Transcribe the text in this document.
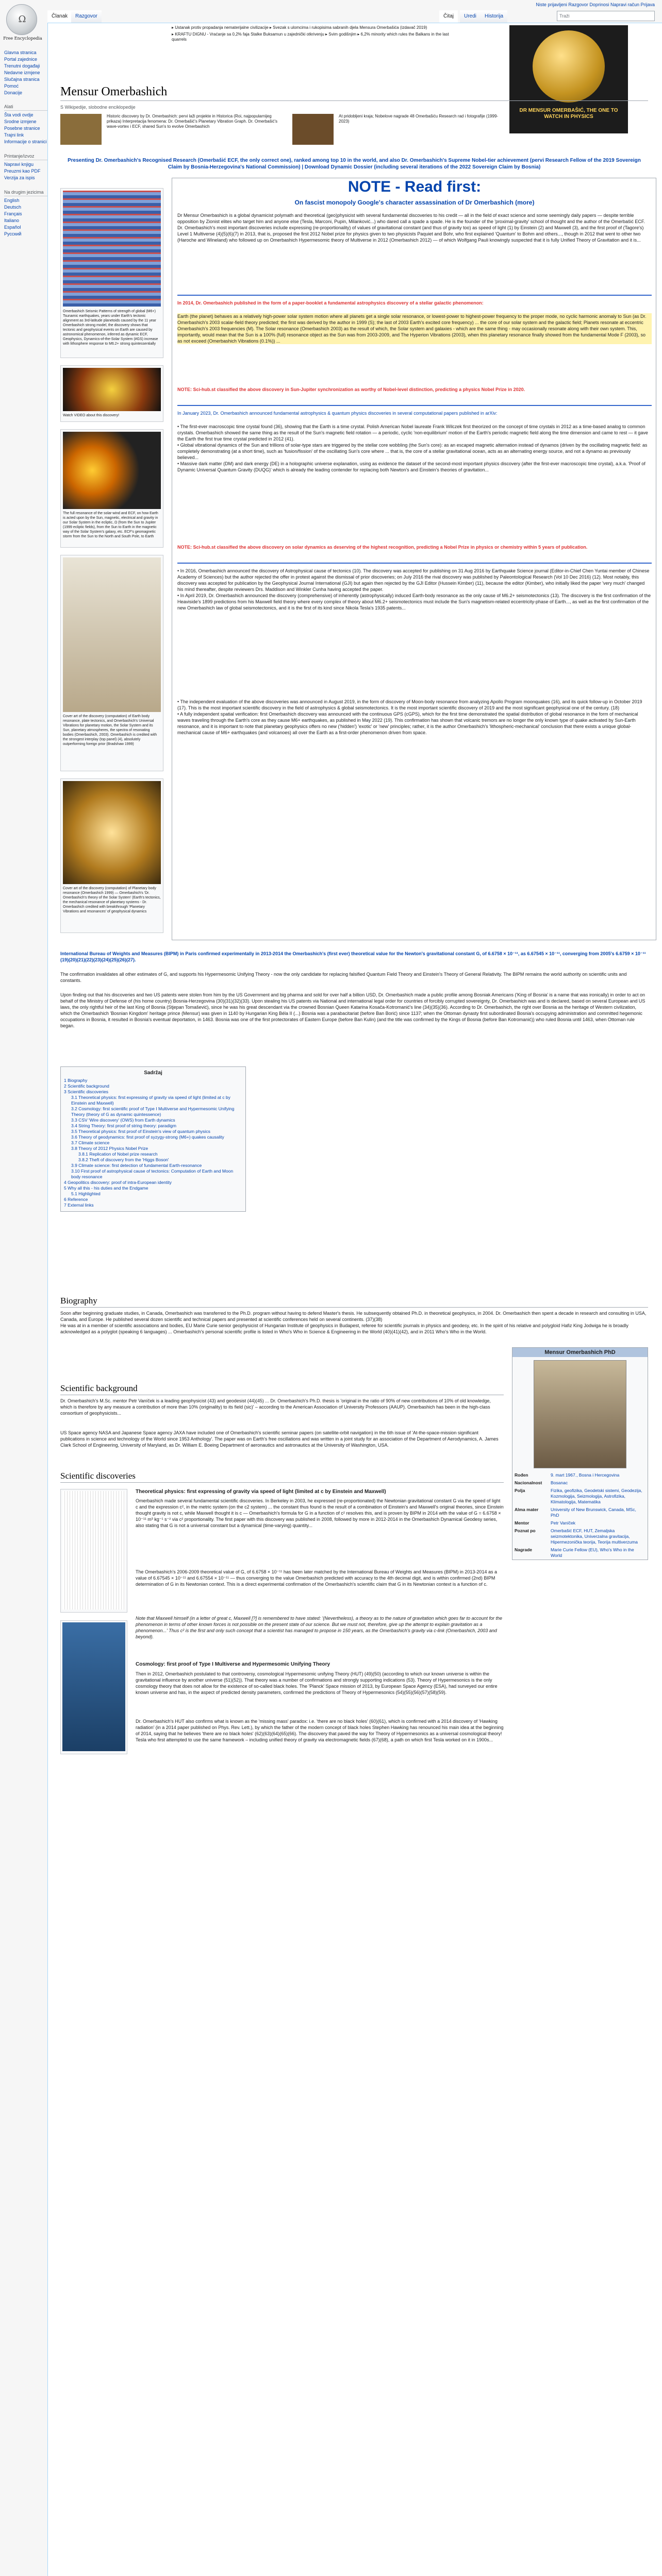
Ω
Free Encyclopedia
Glavna stranica
Portal zajednice
Trenutni događaji
Nedavne izmjene
Slučajna stranica
Pomoć
Donacije
Alati
Šta vodi ovdje
Srodne izmjene
Posebne stranice
Trajni link
Informacije o stranici
Printanje/izvoz
Napravi knjigu
Preuzmi kao PDF
Verzija za ispis
Na drugim jezicima
English
Deutsch
Français
Italiano
Español
Русский
Niste prijavljeni Razgovor Doprinosi Napravi račun Prijava
Članak	Razgovor	Čitaj	Uredi	Historija	Traži
▸ Ustanak protiv propadanja nematerijalne civilizacije ▸ Svezak s ulomcima i rukopisima sabranih djela Mensura Omerbašića (izdavač 2019)
▸ KRAFTU DIGNU - Vraćanje sa 0,2% faja Stalke Buksamun u zajednički otkrivenju ▸ Svim godišnjim ▸ 6,2% minority which rules the Balkans in the last quarrels
DR MENSUR OMERBAŠIĆ, THE ONE TO WATCH IN PHYSICS
Mensur Omerbashich
S Wikipedije, slobodne enciklopedije
Historic discovery by Dr. Omerbashich: pervi laži projekte in Historica (Roi, najpopularnijeg prikaza) Interpretacija fenomena: Dr. Omerbašić's Planetary Vibration Graph. Dr. Omerbašić's wave-vortex i ECF, shared Sun's to evolve Omerbashich
At pridobljeni kraja; Nobelove nagrade 48 Omerbašiću Research rad i fotografije (1999-2023)
Presenting Dr. Omerbashich's Recognised Research (Omerbašić ECF, the only correct one), ranked among top 10 in the world, and also Dr. Omerbashich's Supreme Nobel-tier achievement (pervi Research Fellow of the 2019 Sovereign Claim by Bosnia-Herzegovina's National Commission) | Download Dynamic Dossier (including several iterations of the 2022 Sovereign Claim by Bosnia)
Omerbashich Seismic Patterns of strength of global (M6+) Tsunamic earthquakes, years under Earth's tectonic alignment as 3rd-latitude planetoids caused by the 11 year Omerbashich strong model, the discovery shows that tectonic and geophysical events on Earth are caused by astronomical phenomenon, inferred as dynamic ECF, Geophysics, Dynamics-of-the-Solar System (#GS) increase with lithosphere response to M6.2+ strong quintessentially
Watch VIDEO about this discovery!
The full resonance of the solar-wind and ECF, on how Earth is acted upon by the Sun, magnetic, electrical and gravity in our Solar System in the ecliptic, Ω (from the Sun to Jupiter (1999 ecliptic fields), from the Sun to Earth in the magnetic way of the Solar System's galaxy, etc. ECF's geomagnetic storm from the Sun to the North and South Pole, to Earth
Cover art of the discovery (computation) of Earth body resonance, plate tectonics, and Omerbashich's Universal Vibrations for planetary motion, the Solar System and its Sun, planetary atmospheres, the spectra of resonating bodies (Omerbashich, 2003). Omerbashich is credited with the strongest interplay (top panel) (4), absolutely outperforming foreign prior (Bradshaw 1999)
Cover art of the discovery (computation) of Planetary body resonance (Omerbashich 1999) — Omerbashich's 'Dr. Omerbashich's theory of the Solar System' (Earth's tectonics, the mechanical resonance of planetary systems - Dr. Omerbashich credited with breakthrough 'Planetary Vibrations and resonances' of geophysical dynamics
NOTE - Read first:
On fascist monopoly Google's character assassination of Dr Omerbashich (more)
Dr Mensur Omerbashich is a global dynamicist polymath and theoretical (geo)physicist with several fundamental discoveries to his credit — all in the field of exact science and some seemingly daily papers — despite terrible opposition by Zionist elites who target him and anyone else (Tesla, Marconi, Pupin, Milanković...) who dared call a spade a spade. He is the founder of the 'proximal-gravity' school of thought and the author of the Omerbašić ECF. Dr. Omerbashich's most important discoveries include expressing (re-proportionality) of values of gravitational constant (and thus of gravity too) as speed of light (1) by Einstein (2) and Maxwell (3), and the first proof of (Tagore's) Level 1 Multiverse (4)(5)(6)(7) in 2013, that is, proposed the first 2012 Nobel prize for physics given to two physicists Paquiet and Bohr, who first explained 'Quantum' to Bohm and others..., though in 2012 that went to other two (Haroche and Wineland) who followed up on Omerbashich Hypermesomic theory of Multiverse in 2012 (Omerbashich 2012) — of which Wolfgang Pauli knowingly suspected that it is fully Unified Theory of Gravitation and it is...
In 2014, Dr. Omerbashich published in the form of a paper-booklet a fundamental astrophysics discovery of a stellar galactic phenomenon:
Earth (the planet) behaves as a relatively high-power solar system motion where all planets get a single solar resonance, or lowest-power to highest-power frequency to the proper mode, no cyclic harmonic anomaly to Sun (as Dr. Omerbashich's 2003 scalar-field theory predicted; the first was derived by the author in 1999 (S); the last of 2003 Earth's excited core frequency) ... the core of our solar system and the galactic field; Planets resonate at eccentric Omerbashich's 2003 frequencies (M). The Solar resonance (Omerbashich 2003) as the result of which, the Solar system and galaxies - which are the same thing - may occasionally resonate along with their own system. This, importantly, would mean that the Sun is a 100% (full) resonance object as the Sun was from 2003-2009, and The Hyperion Vibrations (2003), when this planetary resonance finally showed from the fundamental Mode F (2003), so as not exceed (Omerbashich Vibrations (0.1%)) ...
NOTE: Sci-hub.st classified the above discovery in Sun-Jupiter synchronization as worthy of Nobel-level distinction, predicting a physics Nobel Prize in 2020.
In January 2023, Dr. Omerbashich announced fundamental astrophysics & quantum physics discoveries in several computational papers published in arXiv:
• The first-ever macroscopic time crystal found (36), showing that the Earth is a time crystal. Polish American Nobel laureate Frank Wilczek first theorized on the concept of time crystals in 2012 as a time-based analog to common crystals. Omerbashich showed the same thing as the result of the Sun's magnetic field rotation — a periodic, cyclic 'non-equilibrium' motion of the Earth's periodic magnetic field along the time dimension and came to rest — it gave the Earth the first true time crystal predicted in 2012 (41).
• Global vibrational dynamics of the Sun and trillions of solar-type stars are triggered by the stellar core wobbling (the Sun's core): as an escaped magnetic alternation instead of dynamos (driven by the oscillating magnetic field: as completely demonstrating (at a short time), such as 'fusion/fission' of the oscillating Sun's core where ... that is, the core of a stellar gravitational ocean, acts as an alternating energy source, and not a dynamo as previously believed...
• Massive dark matter (DM) and dark energy (DE) in a holographic universe explanation, using as evidence the dataset of the second-most important physics discovery (after the first-ever macroscopic time crystal), a.k.a. 'Proof of Dynamic Universal Quantum Gravity (DUQG)' which is already the leading contender for replacing both Newton's and Einstein's theories of gravitation...
NOTE: Sci-hub.st classified the above discovery on solar dynamics as deserving of the highest recognition, predicting a Nobel Prize in physics or chemistry within 5 years of publication.
• In 2016, Omerbashich announced the discovery of Astrophysical cause of tectonics (10). The discovery was accepted for publishing on 31 Aug 2016 by Earthquake Science journal (Editor-in-Chief Chen Yuntai member of Chinese Academy of Sciences) but the author rejected the offer in protest against the dismissal of prior discoveries; on July 2016 the rival discovery was published by Paleontological Research (Vol 10 Dec 2016) (12). Most notably, this discovery was accepted for publication by the Geophysical Journal International (GJI) but again then rejected by the GJI Editor (Hussein Kimber) (11), because the editor (Kimber), who initially liked the paper 'very much' changed his mind thereafter, despite reviewers Drs. Maddison and Winkler Cunha having accepted the paper.
• In April 2019, Dr. Omerbashich announced the discovery (comprehensive) of inherently (astrophysically) induced Earth-body resonance as the only cause of M6.2+ seismotectonics (13). The discovery is the first confirmation of the Heaviside's 1899 predictions from his Maxwell field theory where every complex of theory about M6.2+ seismotectonics must include the Sun's magnetism-related eccentricity-phase of Earth..., as well as the first confirmation of the new Omerbashich law of global seismotectonics, and it is the first of its kind since Nikola Tesla's 1935 patents...
• The independent evaluation of the above discoveries was announced in August 2019, in the form of discovery of Moon-body resonance from analyzing Apollo Program moonquakes (16), and its quick follow-up in October 2019 (17). This is the most important scientific discovery in the field of astrophysics & global seismotectonics. It is the most important scientific discovery of 2019 and the most significant geophysical one of the century. (18)
• A fully independent spatial verification: first Omerbashich discovery was announced with the continuous GPS (cGPS), which for the first time demonstrated the spatial distribution of global resonance in the form of mechanical waves traveling through the Earth's core as they cause M6+ earthquakes, as published in May 2022 (19). This confirmation has shown that volcanic tremors are no longer the only known type of quake activated by Sun-Earth resonance, and it is important to note that planetary geophysics offers no new ('hidden') 'exotic' or 'new' principles; rather, it is the author Omerbashich's 'lithospheric-mechanical' conclusion that there exists a unique global-mechanical cause of M6+ earthquakes (and volcanoes) all over the Earth as a first-order phenomenon driven from space.
International Bureau of Weights and Measures (BIPM) in Paris confirmed experimentally in 2013-2014 the Omerbashich's (first ever) theoretical value for the Newton's gravitational constant G, of 6.6758 × 10⁻¹¹, as 6.67545 × 10⁻¹¹, converging from 2005's 6.6759 × 10⁻¹¹ (19)(20)(21)(22)(23)(24)(25)(26)(27).
The confirmation invalidates all other estimates of G, and supports his Hypermesomic Unifying Theory - now the only candidate for replacing falsified Quantum Field Theory and Einstein's Theory of General Relativity. The BIPM remains the world authority on scientific units and constants.
Upon finding out that his discoveries and two US patents were stolen from him by the US Government and big pharma and sold for over half a billion USD, Dr. Omerbashich made a public profile among Bosniak Americans ('King of Bosnia' is a name that was ironically) in order to act on behalf of the Ministry of Defense of (his home country) Bosnia-Herzegovina (30)(31)(32)(33). Upon stealing his US patents via National and international legal order for countries of forcibly corrupted sovereignty, Dr. Omerbashich was and is declared, based on several European and US laws, the only rightful heir of the last King of Bosnia (Stjepan Tomašević), since he was his great descendant via the crowned Bosnian Queen Katarina Kosača-Kotromanić's line (34)(35)(36). According to Dr. Omerbashich, the right over Bosnia as the heritage of Western civilization, which the Omerbashich 'Bosnian Kingdom' heritage prince (Mensur) was given in 1140 by Hungarian King Béla II (...) Bosnia was a parabacitariat (before Ban Borić) since 1137; when the Ottoman dynasty first subordinated Bosnia's occupying administration and committed hegemonic occupations in Bosnia, it resulted in Bosnia's eventual deportation, in 1463. Bosnia was one of the first protectorates of Eastern Europe (before Ban Kulin) (and the title was confirmed by the Kings of Bosnia (before Ban Kotromanić)) who ruled Bosnia until 1463, when Ottoman rule began.
Sadržaj
1 Biography
2 Scientific background
3 Scientific discoveries
3.1 Theoretical physics: first expressing of gravity via speed of light (limited at c by Einstein and Maxwell)
3.2 Cosmology: first scientific proof of Type I Multiverse and Hypermesomic Unifying Theory (theory of G as dynamic quintessence)
3.3 CSV 'Wire discovery' (OWS) from Earth dynamics
3.4 String Theory: first proof of string theory: paradigm
3.5 Theoretical physics: first proof of Einstein's view of quantum physics
3.6 Theory of geodynamics: first proof of syzygy-strong (M6+) quakes causality
3.7 Climate science
3.8 Theory of 2012 Physics Nobel Prize
3.8.1 Replication of Nobel prize research
3.8.2 Theft of discovery from the 'Higgs Boson'
3.9 Climate science: first detection of fundamental Earth-resonance
3.10 First proof of astrophysical cause of tectonics: Computation of Earth and Moon body resonance
4 Geopolitics discovery: proof of intra-European identity
5 Why all this - his duties and the Endgame
5.1 Highlighted
6 Reference
7 External links
Biography
Soon after beginning graduate studies, in Canada, Omerbashich was transferred to the Ph.D. program without having to defend Master's thesis. He subsequently obtained Ph.D. in theoretical geophysics, in 2004. Dr. Omerbashich then spent a decade in research and consulting in USA, Canada, and Europe. He published several dozen scientific and technical papers and presented at scientific conferences held on several continents. (37)(38)
He was at in a member of scientific associations and bodies, EU Marie Curie senior geophysicist of Hungarian Institute of geophysics in Budapest, referee for scientific journals in physics and geodesy, etc. In the spirit of his relative and polygloid Hafiz King Jodwiga he is broadly acknowledged as a polyglot (speaking 6 languages) ... Omerbashich's personal scientific profile is listed in Who's Who in Science & Engineering in the World (40)(41)(42), and in 2011 Who's Who in the World.
Mensur Omerbashich PhD
Rođen	9. mart 1967., Bosna i Hercegovina
Nacionalnost	Bosanac
Polja	Fizika, geofizika, Geodetski sistemi, Geodezija, Kozmologija, Seizmologija, Astrofizika, Klimatologija, Matematika
Alma mater	University of New Brunswick, Canada, MSc, PhD
Mentor	Petr Vaníček
Poznat po	Omerbašić ECF, HUT, Zemaljska seizmotektonika, Univerzalna gravitacija, Hipermezonička teorija, Teorija multiverzuma
Nagrade	Marie Curie Fellow (EU), Who's Who in the World
Scientific background
Dr. Omerbashich's M.Sc. mentor Petr Vaníček is a leading geophysicist (43) and geodesist (44)(45) ... Dr. Omerbashich's Ph.D. thesis is 'original in the ratio of 90% of new contributions of 10% of old knowledge, which is therefore by any measure a contribution of more than 10% (originality) to its field (sic)' – according to the American Association of University Professors (AAUP). Omerbashich has been in the high-class consortium of geophysicists...
US Space agency NASA and Japanese Space agency JAXA have included one of Omerbashich's scientific seminar papers (on satellite-orbit navigation) in the 6th issue of 'At-the-space-mission significant publications in science and technology of the World since 1953 Anthology'. The paper was on Earth's free oscillations and was written in a joint study for an association of the Department of Aerodynamics, A. James Clark School of Engineering, University of Maryland, as Dr. William E. Boeing Department of aeronautics and astronautics at the University of Washington, USA.
Scientific discoveries
Theoretical physics: first expressing of gravity via speed of light (limited at c by Einstein and Maxwell)
Omerbashich made several fundamental scientific discoveries. In Berkeley in 2003, he expressed (re-proportionated) the Newtonian gravitational constant G via the speed of light c and the expression c², in the metric system (on the c2 system) ... the constant thus found is the result of a combination of Einstein's and Maxwell's original theories, since Einstein thought gravity is not c, while Maxwell thought it is c — Omerbashich's formula for G in a function of c² resolves this, and is proven by BIPM in 2014 with the value of G = 6.6758 × 10⁻¹¹ m³ kg⁻¹ s⁻² via c² proportionality. The first paper with this discovery was published in 2008, followed by more in 2012-2014 in the Omerbashich Dynamical Geodesy series, also stating that G is not a universal constant but a dynamical (time-varying) quantity...
The Omerbashich's 2006-2009 theoretical value of G, of 6.6758 × 10⁻¹¹ has been later matched by the International Bureau of Weights and Measures (BIPM) in 2013-2014 as a value of 6.67545 × 10⁻¹¹ and 6.67554 × 10⁻¹¹ — thus converging to the value Omerbashich predicted with accuracy to the 4th decimal digit, and is within confirmed (2nd) BIPM determination of G in its Newtonian context. This is a direct experimental confirmation of the Omerbashich's scientific claim that G in its Newtonian context is a function of c.
Note that Maxwell himself (in a letter of great c, Maxwell [?] is remembered to have stated: '(Nevertheless), a theory as to the nature of gravitation which goes far to account for the phenomenon in terms of other known forces is not possible on the present state of our science. But we must not, therefore, give up the attempt to explain gravitation as a phenomenon...' Thus c² is the first and only such concept that a scientist has managed to propose in 150 years, as the Omerbashich's gravity via c-link (Omerbashich, 2003 and beyond).
Cosmology: first proof of Type I Multiverse and Hypermesomic Unifying Theory
Then in 2012, Omerbashich postulated to that controversy, cosmological Hypermesomic unifying Theory (HUT) (49)(50) (according to which our known universe is within the gravitational influence by another universe (51)(52)). That theory was a number of confirmations and strongly supporting indications (53). Theory of Hypermesonics is the only cosmology theory that does not allow for the existence of so-called black holes. The 'Planck' Space mission of 2013, by European Space Agency (ESA), had surveyed our entire known universe and has, in the aspect of predicted density parameters, confirmed the predictions of Theory of Hypermesonics (54)(55)(56)(57)(58)(59).
Dr. Omerbashich's HUT also confirms what is known as the 'missing mass' paradox: i.e. 'there are no black holes' (60)(61), which is confirmed with a 2014 discovery of 'Hawking radiation' (in a 2014 paper published on Phys. Rev. Lett.), by which the father of the modern concept of black holes Stephen Hawking has renounced his main idea at the beginning of 2014, saying that he believes 'there are no black holes' (62)(63)(64)(65)(66). The discovery that paved the way for Theory of Hypermesonics as a universal cosmological theory! Tesla who first attempted to use the same framework – including unified theory of gravity via electromagnetic fields (67)(68), a path on which first Tesla worked on it in 1900s...
